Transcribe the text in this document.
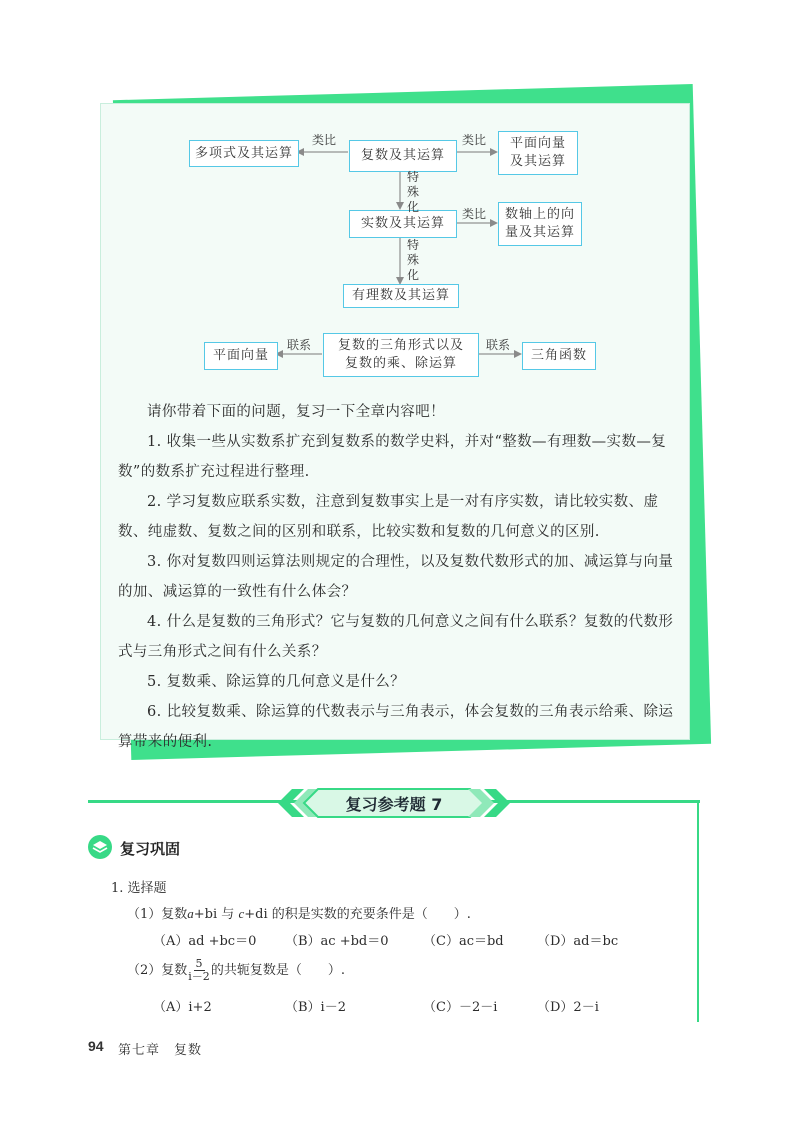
多项式及其运算	复数及其运算
平面向量
及其运算
实数及其运算
数轴上的向
量及其运算
有理数及其运算
平面向量
复数的三角形式以及
复数的乘、除运算
三角函数
类比	类比
类比
特
殊
化
特
殊
化
联系	联系

请你带着下面的问题，复习一下全章内容吧！

1. 收集一些从实数系扩充到复数系的数学史料，并对“整数—有理数—实数—复数”的数系扩充过程进行整理.

2. 学习复数应联系实数，注意到复数事实上是一对有序实数，请比较实数、虚数、纯虚数、复数之间的区别和联系，比较实数和复数的几何意义的区别.

3. 你对复数四则运算法则规定的合理性，以及复数代数形式的加、减运算与向量的加、减运算的一致性有什么体会？

4. 什么是复数的三角形式？它与复数的几何意义之间有什么联系？复数的代数形式与三角形式之间有什么关系？

5. 复数乘、除运算的几何意义是什么？

6. 比较复数乘、除运算的代数表示与三角表示，体会复数的三角表示给乘、除运算带来的便利.

复习参考题 7
复习巩固
1. 选择题
（1）复数a+bi 与 c+di 的积是实数的充要条件是（　　）.
（A）ad +bc＝0 （B）ac +bd＝0	（C）ac＝bd	（D）ad＝bc
（2）复数 $\frac{5}{i-2}$ 的共轭复数是（　　）.
（A）i+2	（B）i－2	（C）－2－i	（D）2－i
94 第七章　复数
